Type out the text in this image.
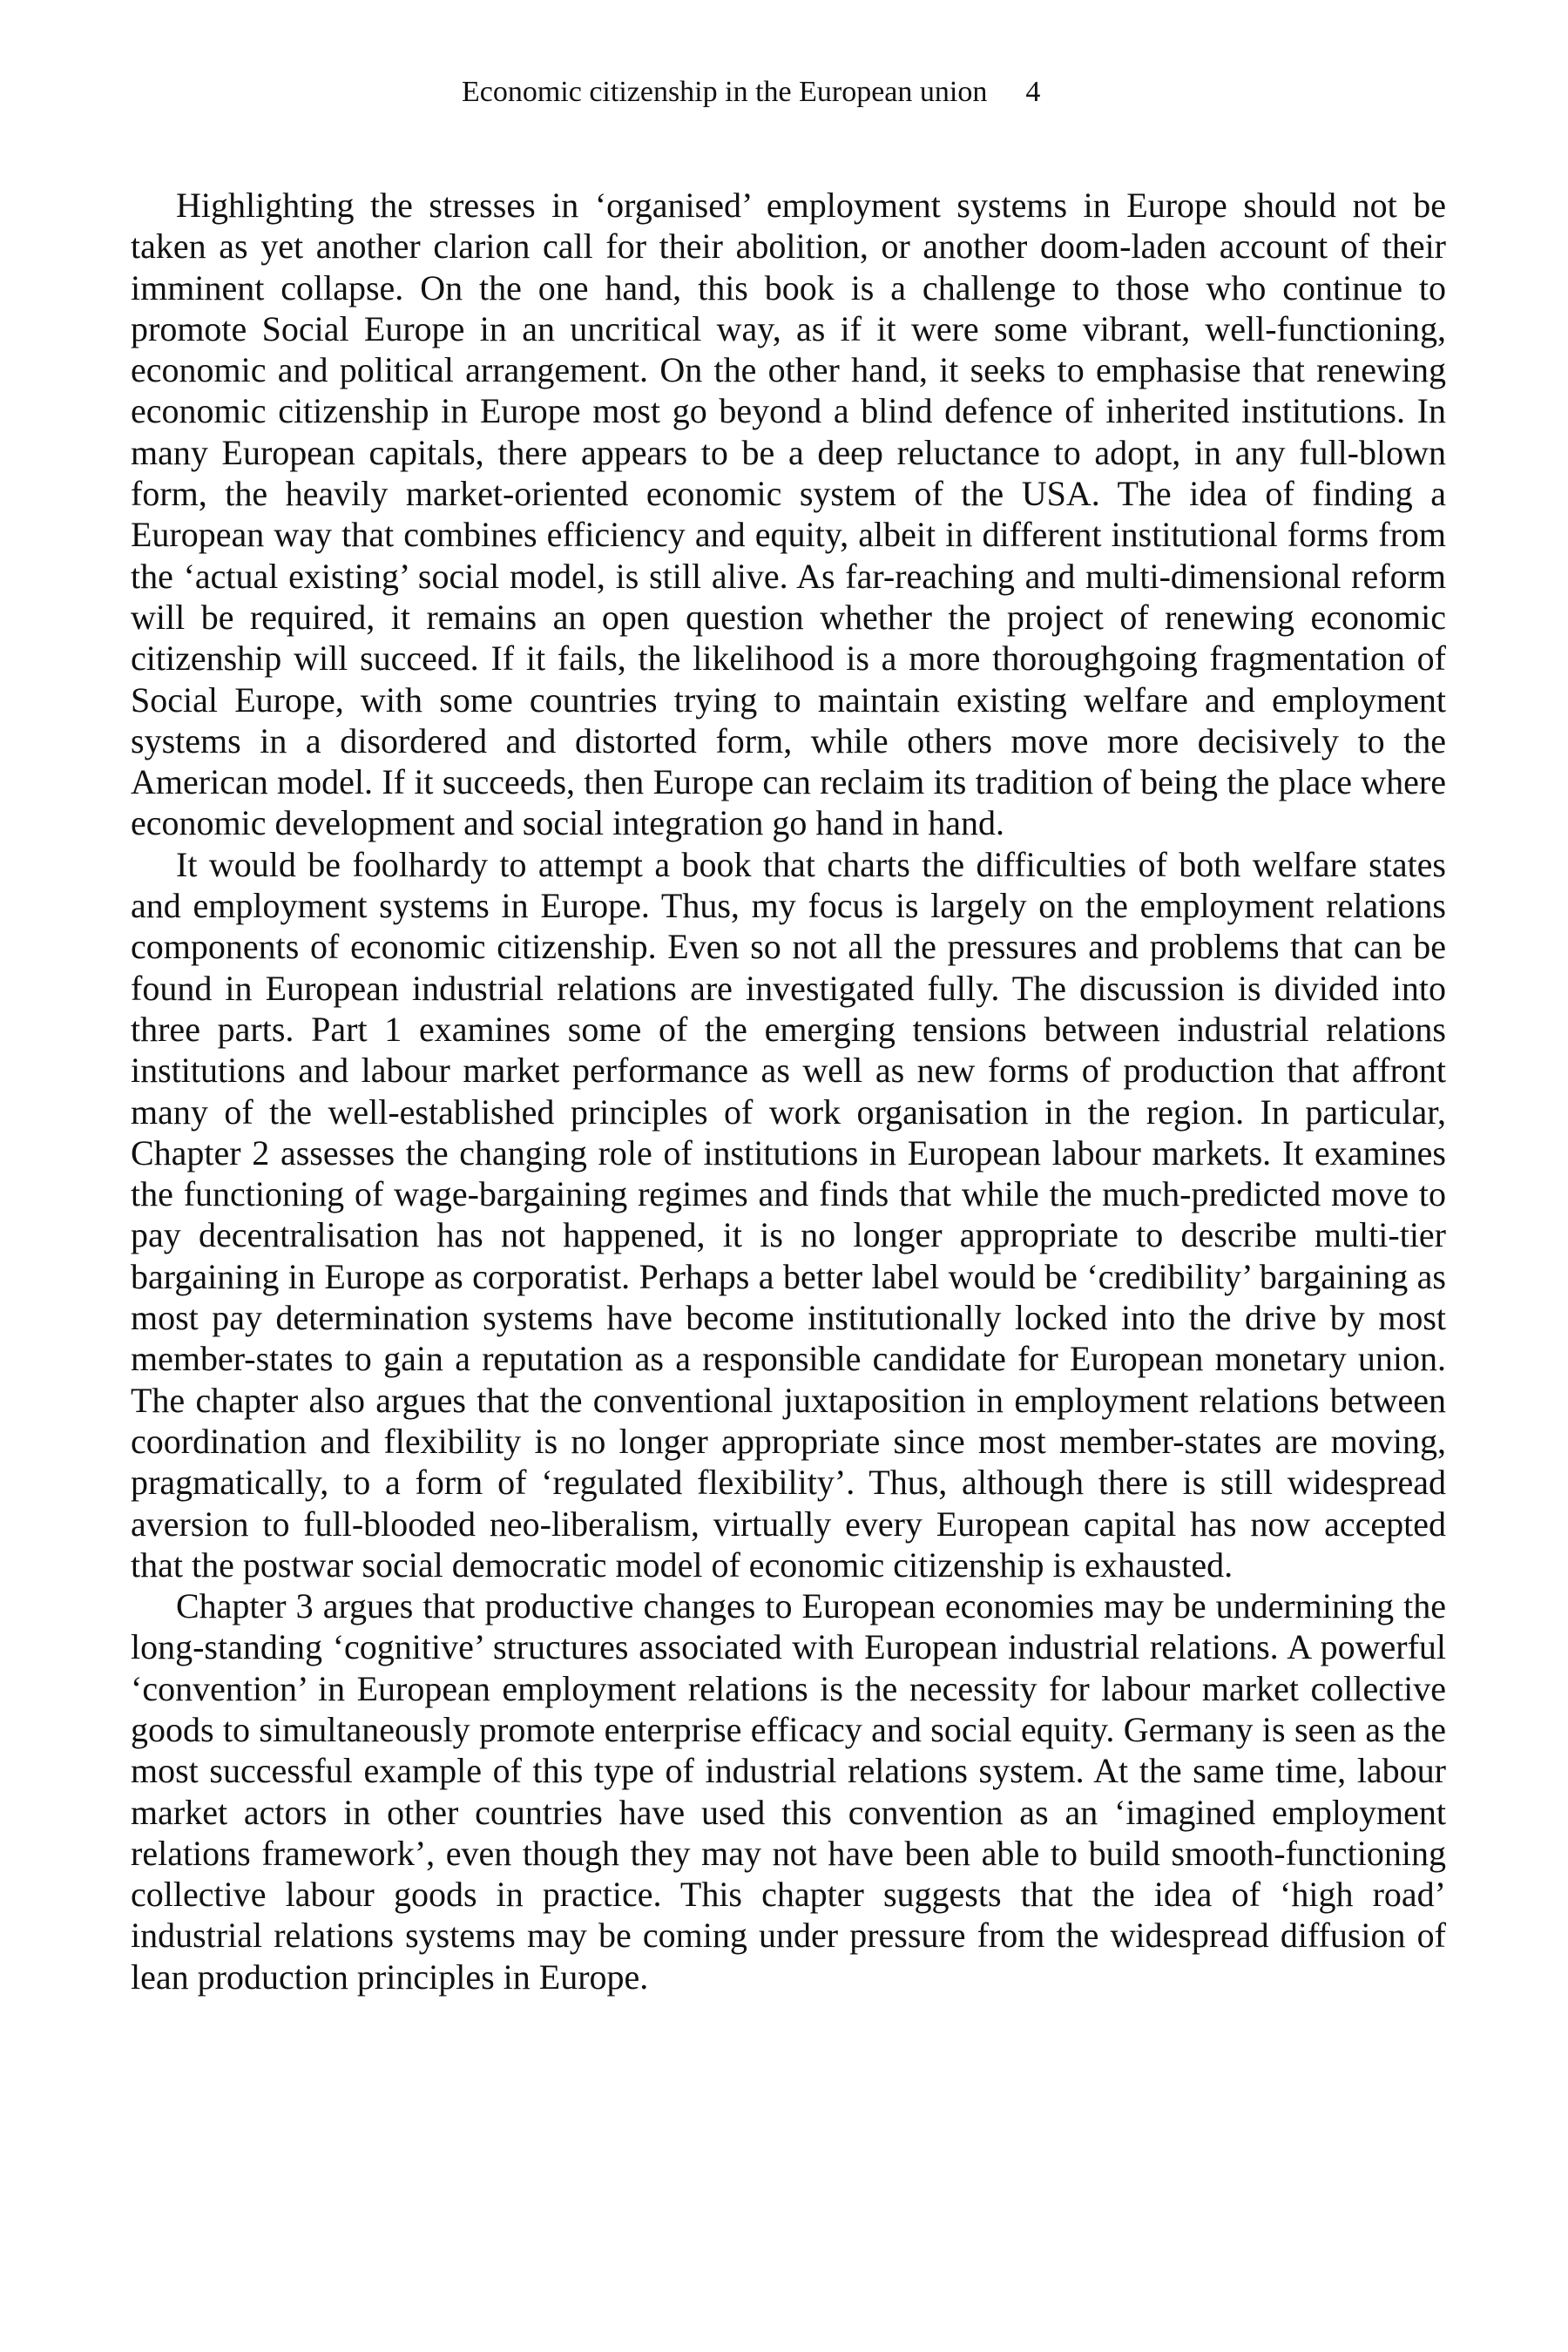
Economic citizenship in the European union 4

Highlighting the stresses in ‘organised’ employment systems in Europe should not be taken as yet another clarion call for their abolition, or another doom-laden account of their imminent collapse. On the one hand, this book is a challenge to those who continue to promote Social Europe in an uncritical way, as if it were some vibrant, well-functioning, economic and political arrangement. On the other hand, it seeks to emphasise that renewing economic citizenship in Europe most go beyond a blind defence of inherited institutions. In many European capitals, there appears to be a deep reluctance to adopt, in any full-blown form, the heavily market-oriented economic system of the USA. The idea of finding a European way that combines efficiency and equity, albeit in different institutional forms from the ‘actual existing’ social model, is still alive. As far-reaching and multi-dimensional reform will be required, it remains an open question whether the project of renewing economic citizenship will succeed. If it fails, the likelihood is a more thoroughgoing fragmentation of Social Europe, with some countries trying to maintain existing welfare and employment systems in a disordered and distorted form, while others move more decisively to the American model. If it succeeds, then Europe can reclaim its tradition of being the place where economic development and social integration go hand in hand.

It would be foolhardy to attempt a book that charts the difficulties of both welfare states and employment systems in Europe. Thus, my focus is largely on the employment relations components of economic citizenship. Even so not all the pressures and problems that can be found in European industrial relations are investigated fully. The discussion is divided into three parts. Part 1 examines some of the emerging tensions between industrial relations institutions and labour market performance as well as new forms of production that affront many of the well-established principles of work organisation in the region. In particular, Chapter 2 assesses the changing role of institutions in European labour markets. It examines the functioning of wage-bargaining regimes and finds that while the much-predicted move to pay decentralisation has not happened, it is no longer appropriate to describe multi-tier bargaining in Europe as corporatist. Perhaps a better label would be ‘credibility’ bargaining as most pay determination systems have become institutionally locked into the drive by most member-states to gain a reputation as a responsible candidate for European monetary union. The chapter also argues that the conventional juxtaposition in employment relations between coordination and flexibility is no longer appropriate since most member-states are moving, pragmatically, to a form of ‘regulated flexibility’. Thus, although there is still widespread aversion to full-blooded neo-liberalism, virtually every European capital has now accepted that the postwar social democratic model of economic citizenship is exhausted.

Chapter 3 argues that productive changes to European economies may be undermining the long-standing ‘cognitive’ structures associated with European industrial relations. A powerful ‘convention’ in European employment relations is the necessity for labour market collective goods to simultaneously promote enterprise efficacy and social equity. Germany is seen as the most successful example of this type of industrial relations system. At the same time, labour market actors in other countries have used this convention as an ‘imagined employment relations framework’, even though they may not have been able to build smooth-functioning collective labour goods in practice. This chapter suggests that the idea of ‘high road’ industrial relations systems may be coming under pressure from the widespread diffusion of lean production principles in Europe.
